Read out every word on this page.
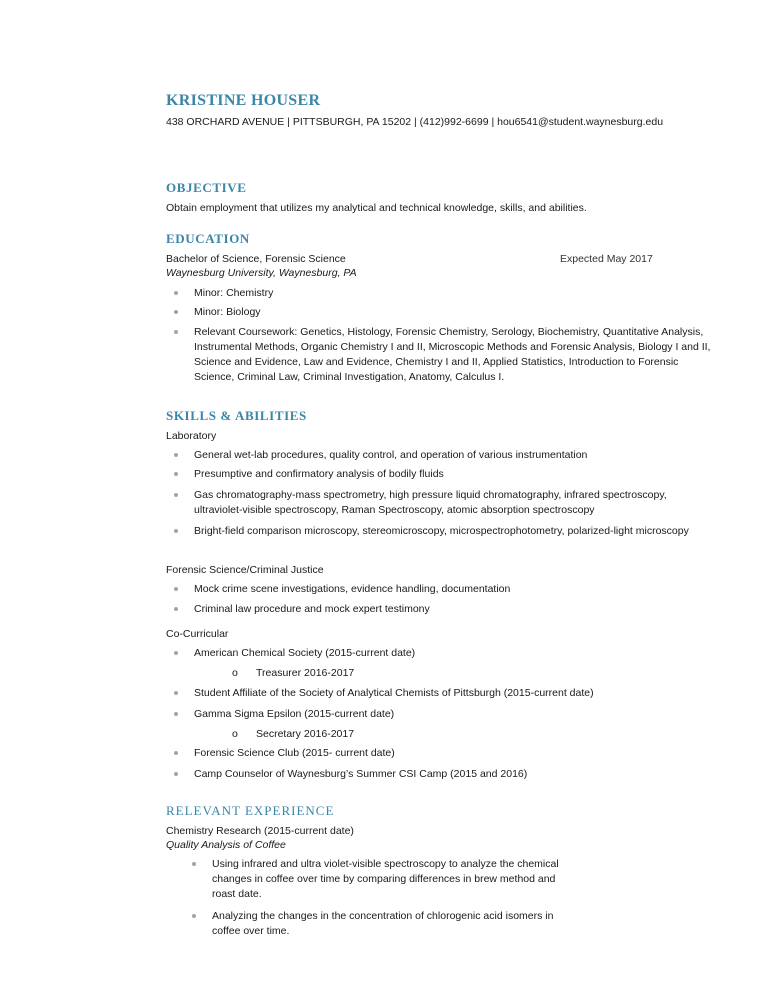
KRISTINE HOUSER

438 ORCHARD AVENUE | PITTSBURGH, PA 15202 | (412)992-6699 | hou6541@student.waynesburg.edu

OBJECTIVE

Obtain employment that utilizes my analytical and technical knowledge, skills, and abilities.

EDUCATION

Bachelor of Science, Forensic Science	Expected May 2017

Waynesburg University, Waynesburg, PA

Minor: Chemistry
Minor: Biology
Relevant Coursework: Genetics, Histology, Forensic Chemistry, Serology, Biochemistry, Quantitative Analysis, Instrumental Methods, Organic Chemistry I and II, Microscopic Methods and Forensic Analysis, Biology I and II, Science and Evidence, Law and Evidence, Chemistry I and II, Applied Statistics, Introduction to Forensic Science, Criminal Law, Criminal Investigation, Anatomy, Calculus I.
SKILLS & ABILITIES

Laboratory

General wet-lab procedures, quality control, and operation of various instrumentation
Presumptive and confirmatory analysis of bodily fluids
Gas chromatography-mass spectrometry, high pressure liquid chromatography, infrared spectroscopy, ultraviolet-visible spectroscopy, Raman Spectroscopy, atomic absorption spectroscopy
Bright-field comparison microscopy, stereomicroscopy, microspectrophotometry, polarized-light microscopy

Forensic Science/Criminal Justice

Mock crime scene investigations, evidence handling, documentation
Criminal law procedure and mock expert testimony

Co-Curricular

American Chemical Society (2015-current date)
o	Treasurer 2016-2017
Student Affiliate of the Society of Analytical Chemists of Pittsburgh (2015-current date)
Gamma Sigma Epsilon (2015-current date)
o	Secretary 2016-2017
Forensic Science Club (2015- current date)
Camp Counselor of Waynesburg’s Summer CSI Camp (2015 and 2016)
RELEVANT EXPERIENCE

Chemistry Research (2015-current date)

Quality Analysis of Coffee

Using infrared and ultra violet-visible spectroscopy to analyze the chemical changes in coffee over time by comparing differences in brew method and roast date.
Analyzing the changes in the concentration of chlorogenic acid isomers in coffee over time.
